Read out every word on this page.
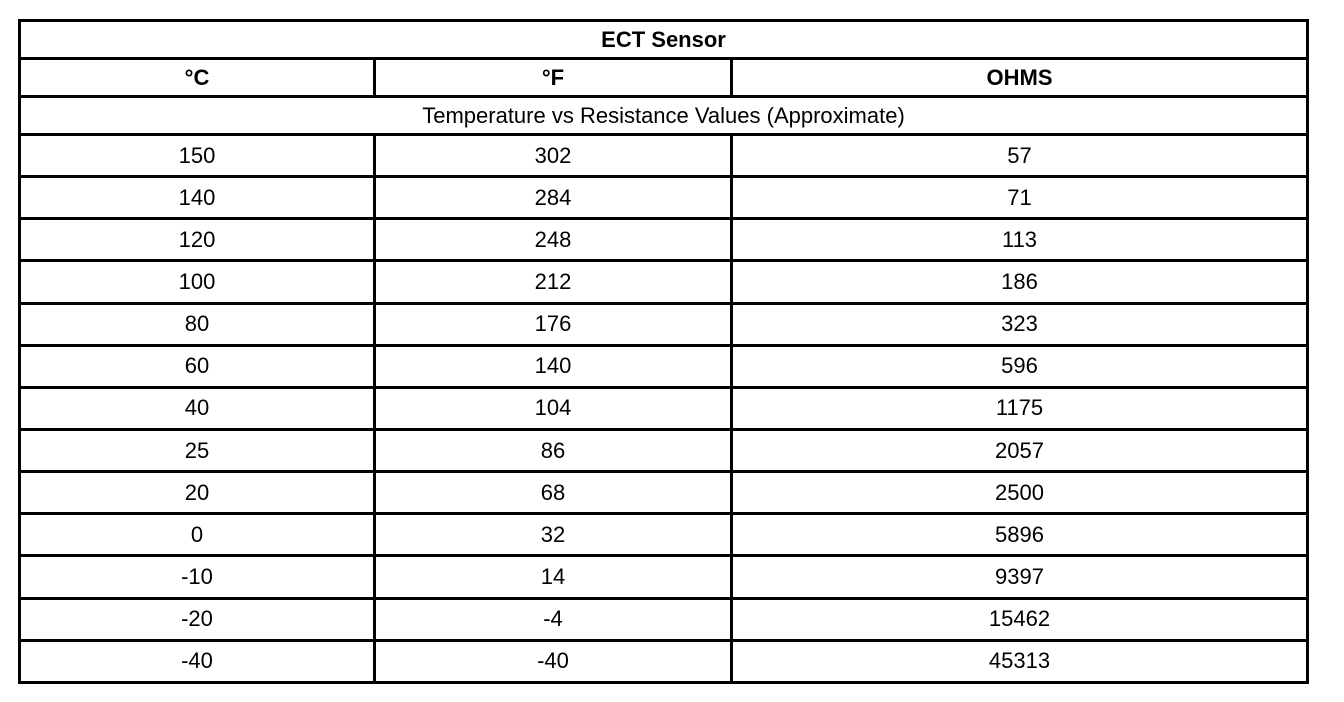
ECT Sensor		
°C	°F	OHMS
Temperature vs Resistance Values (Approximate)		
150	302	57
140	284	71
120	248	113
100	212	186
80	176	323
60	140	596
40	104	1175
25	86	2057
20	68	2500
0	32	5896
-10	14	9397
-20	-4	15462
-40	-40	45313
